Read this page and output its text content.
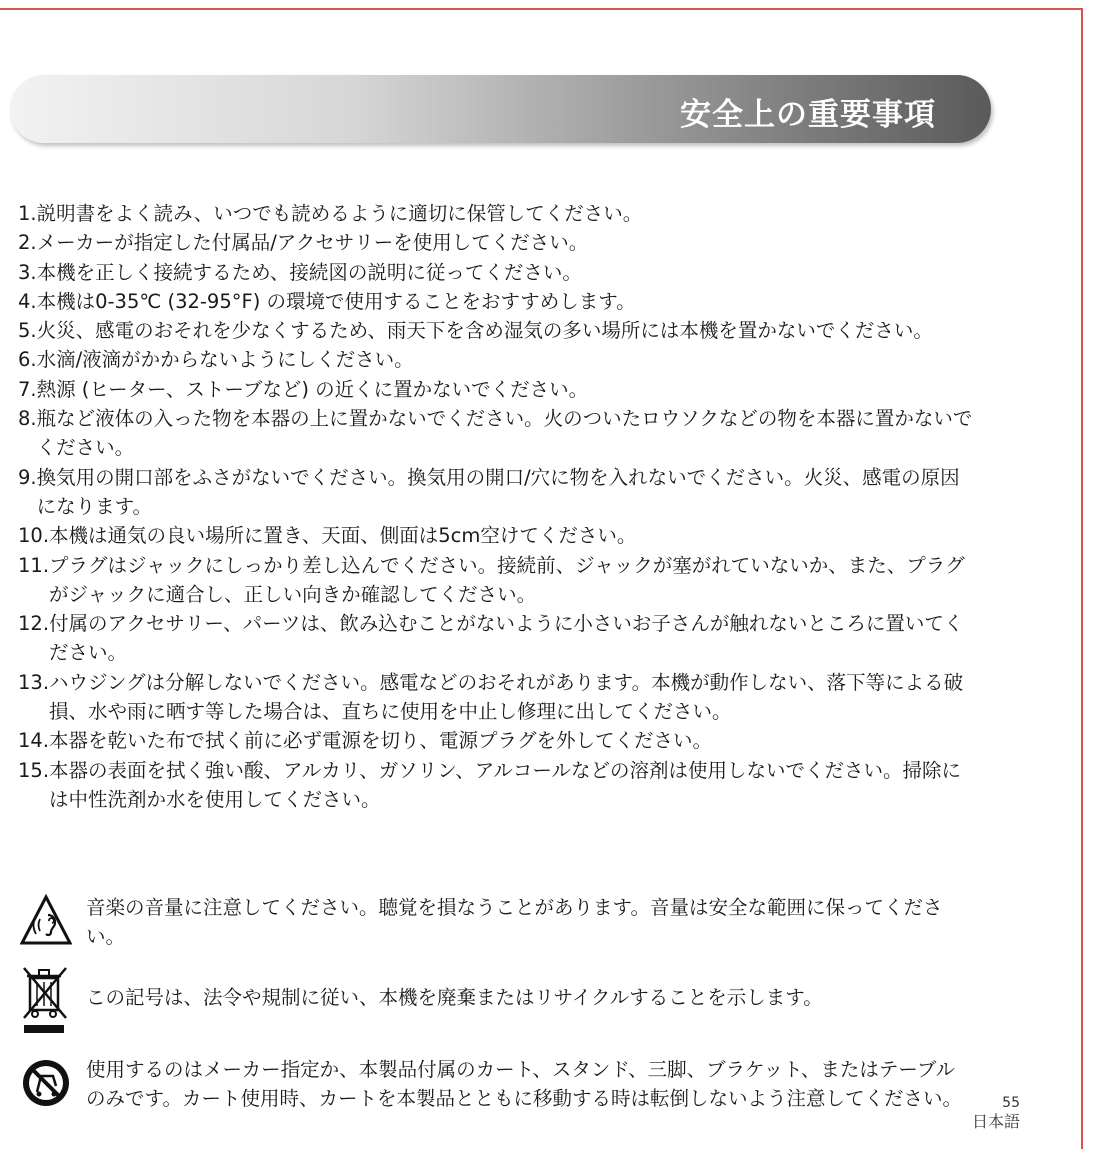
安全上の重要事項
1. 説明書をよく読み、いつでも読めるように適切に保管してください。
2. メーカーが指定した付属品/アクセサリーを使用してください。
3. 本機を正しく接続するため、接続図の説明に従ってください。
4. 本機は0-35℃ (32-95°F) の環境で使用することをおすすめします。
5. 火災、感電のおそれを少なくするため、雨天下を含め湿気の多い場所には本機を置かないでください。
6. 水滴/液滴がかからないようにしください。
7. 熱源 (ヒーター、ストーブなど) の近くに置かないでください。
8. 瓶など液体の入った物を本器の上に置かないでください。火のついたロウソクなどの物を本器に置かないでください。
9. 換気用の開口部をふさがないでください。換気用の開口/穴に物を入れないでください。火災、感電の原因になります。
10. 本機は通気の良い場所に置き、天面、側面は5cm空けてください。
11. プラグはジャックにしっかり差し込んでください。接続前、ジャックが塞がれていないか、また、プラグがジャックに適合し、正しい向きか確認してください。
12. 付属のアクセサリー、パーツは、飲み込むことがないように小さいお子さんが触れないところに置いてください。
13. ハウジングは分解しないでください。感電などのおそれがあります。本機が動作しない、落下等による破損、水や雨に晒す等した場合は、直ちに使用を中止し修理に出してください。
14. 本器を乾いた布で拭く前に必ず電源を切り、電源プラグを外してください。
15. 本器の表面を拭く強い酸、アルカリ、ガソリン、アルコールなどの溶剤は使用しないでください。掃除には中性洗剤か水を使用してください。
音楽の音量に注意してください。聴覚を損なうことがあります。音量は安全な範囲に保ってください。
この記号は、法令や規制に従い、本機を廃棄またはリサイクルすることを示します。
使用するのはメーカー指定か、本製品付属のカート、スタンド、三脚、ブラケット、またはテーブルのみです。カート使用時、カートを本製品とともに移動する時は転倒しないよう注意してください。	55
日本語
